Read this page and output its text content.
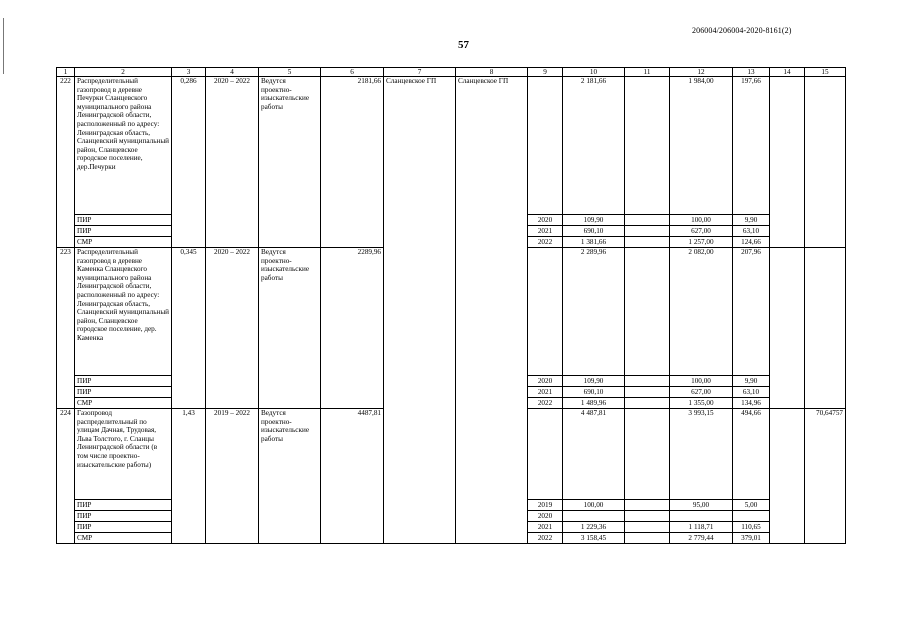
206004/206004-2020-8161(2)
57
1	2	3	4	5	6	7	8	9	10	11	12	13	14	15
222	Распределительный газопровод в деревне Печурки Сланцевского муниципального района Ленинградской области, расположенный по адресу: Ленинградская область, Сланцевский муниципальный район, Сланцевское городское поселение, дер.Печурки	0,286	2020 – 2022	Ведутся проектно-изыскательские работы	2181,66	Сланцевское ГП	Сланцевское ГП		2 181,66		1 984,00	197,66		
	ПИР							2020	109,90		100,00	9,90		
	ПИР							2021	690,10		627,00	63,10		
	СМР							2022	1 381,66		1 257,00	124,66		
223	Распределительный газопровод в деревне Каменка Сланцевского муниципального района Ленинградской области, расположенный по адресу: Ленинградская область, Сланцевский муниципальный район, Сланцевское городское поселение, дер. Каменка	0,345	2020 – 2022	Ведутся проектно-изыскательские работы	2289,96				2 289,96		2 082,00	207,96		
	ПИР							2020	109,90		100,00	9,90		
	ПИР							2021	690,10		627,00	63,10		
	СМР							2022	1 489,96		1 355,00	134,96		
224	Газопровод распределительный по улицам Дачная, Трудовая, Льва Толстого, г. Сланцы Ленинградской области (в том числе проектно-изыскательские работы)	1,43	2019 – 2022	Ведутся проектно-изыскательские работы	4487,81				4 487,81		3 993,15	494,66		70,64757
	ПИР							2019	100,00		95,00	5,00		
	ПИР							2020						
	ПИР							2021	1 229,36		1 118,71	110,65		
	СМР							2022	3 158,45		2 779,44	379,01		
